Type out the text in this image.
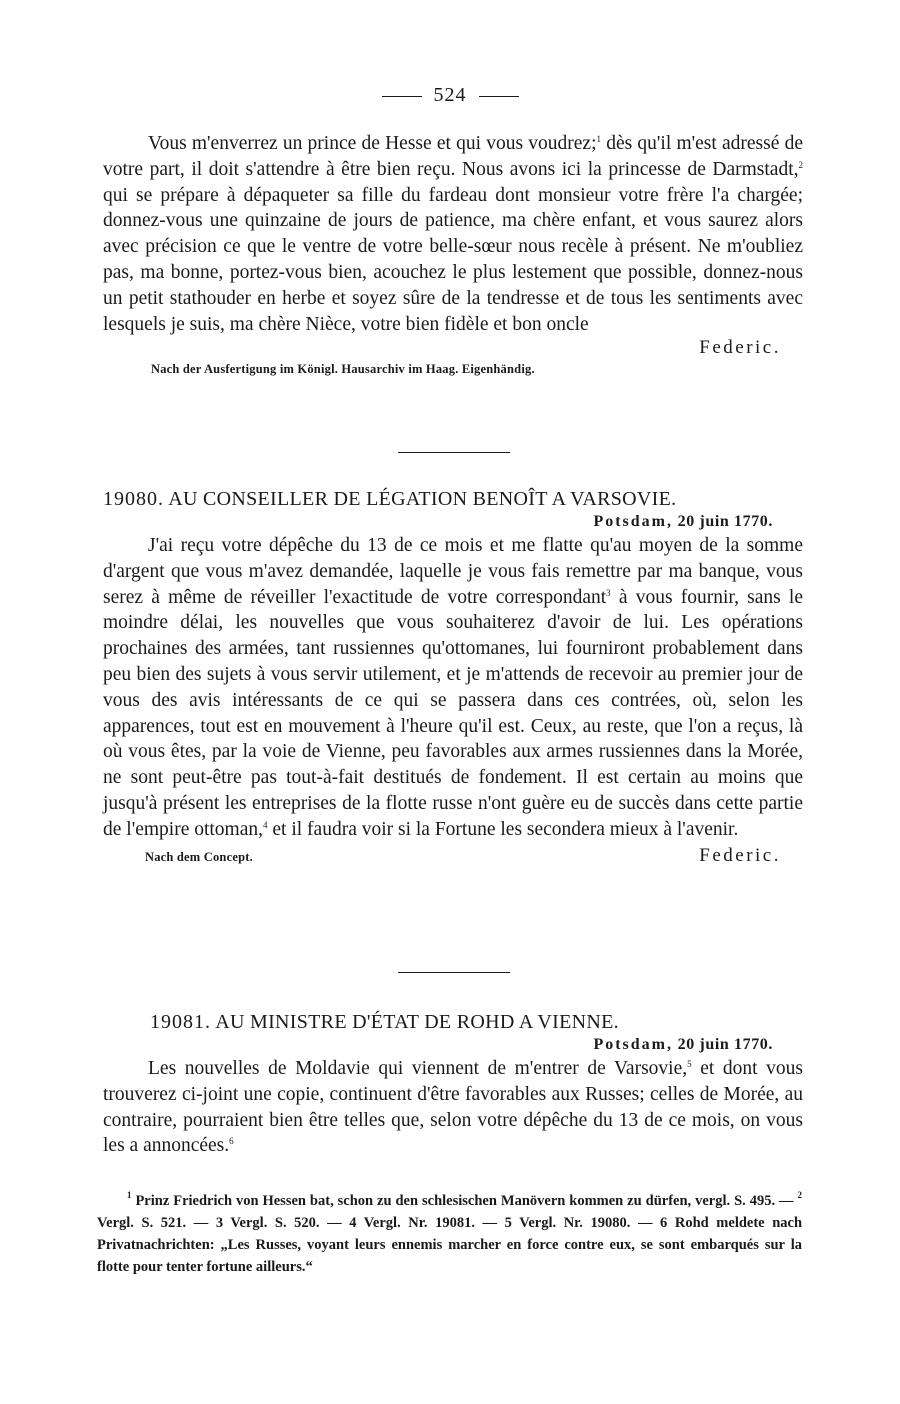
524

Vous m'enverrez un prince de Hesse et qui vous voudrez;$^1$ dès qu'il m'est adressé de votre part, il doit s'attendre à être bien reçu. Nous avons ici la princesse de Darmstadt,$^2$ qui se prépare à dépaqueter sa fille du fardeau dont monsieur votre frère l'a chargée; donnez-vous une quinzaine de jours de patience, ma chère enfant, et vous saurez alors avec précision ce que le ventre de votre belle-sœur nous recèle à présent. Ne m'oubliez pas, ma bonne, portez-vous bien, acouchez le plus lestement que possible, donnez-nous un petit stathouder en herbe et soyez sûre de la tendresse et de tous les sentiments avec lesquels je suis, ma chère Nièce, votre bien fidèle et bon oncle

Federic.
Nach der Ausfertigung im Königl. Hausarchiv im Haag. Eigenhändig.
19080. AU CONSEILLER DE LÉGATION BENOÎT A VARSOVIE.
Potsdam, 20 juin 1770.

J'ai reçu votre dépêche du 13 de ce mois et me flatte qu'au moyen de la somme d'argent que vous m'avez demandée, laquelle je vous fais remettre par ma banque, vous serez à même de réveiller l'exactitude de votre correspondant$^3$ à vous fournir, sans le moindre délai, les nouvelles que vous souhaiterez d'avoir de lui. Les opérations prochaines des armées, tant russiennes qu'ottomanes, lui fourniront probablement dans peu bien des sujets à vous servir utilement, et je m'attends de recevoir au premier jour de vous des avis intéressants de ce qui se passera dans ces contrées, où, selon les apparences, tout est en mouvement à l'heure qu'il est. Ceux, au reste, que l'on a reçus, là où vous êtes, par la voie de Vienne, peu favorables aux armes russiennes dans la Morée, ne sont peut-être pas tout-à-fait destitués de fondement. Il est certain au moins que jusqu'à présent les entreprises de la flotte russe n'ont guère eu de succès dans cette partie de l'empire ottoman,$^4$ et il faudra voir si la Fortune les secondera mieux à l'avenir.

Nach dem Concept.	Federic.
19081. AU MINISTRE D'ÉTAT DE ROHD A VIENNE.
Potsdam, 20 juin 1770.

Les nouvelles de Moldavie qui viennent de m'entrer de Varsovie,$^5$ et dont vous trouverez ci-joint une copie, continuent d'être favorables aux Russes; celles de Morée, au contraire, pourraient bien être telles que, selon votre dépêche du 13 de ce mois, on vous les a annoncées.$^6$

$^1$ Prinz Friedrich von Hessen bat, schon zu den schlesischen Manövern kommen zu dürfen, vergl. S. 495. — $^2$ Vergl. S. 521. — 3 Vergl. S. 520. — 4 Vergl. Nr. 19081. — 5 Vergl. Nr. 19080. — 6 Rohd meldete nach Privatnachrichten: „Les Russes, voyant leurs ennemis marcher en force contre eux, se sont embarqués sur la flotte pour tenter fortune ailleurs.“
